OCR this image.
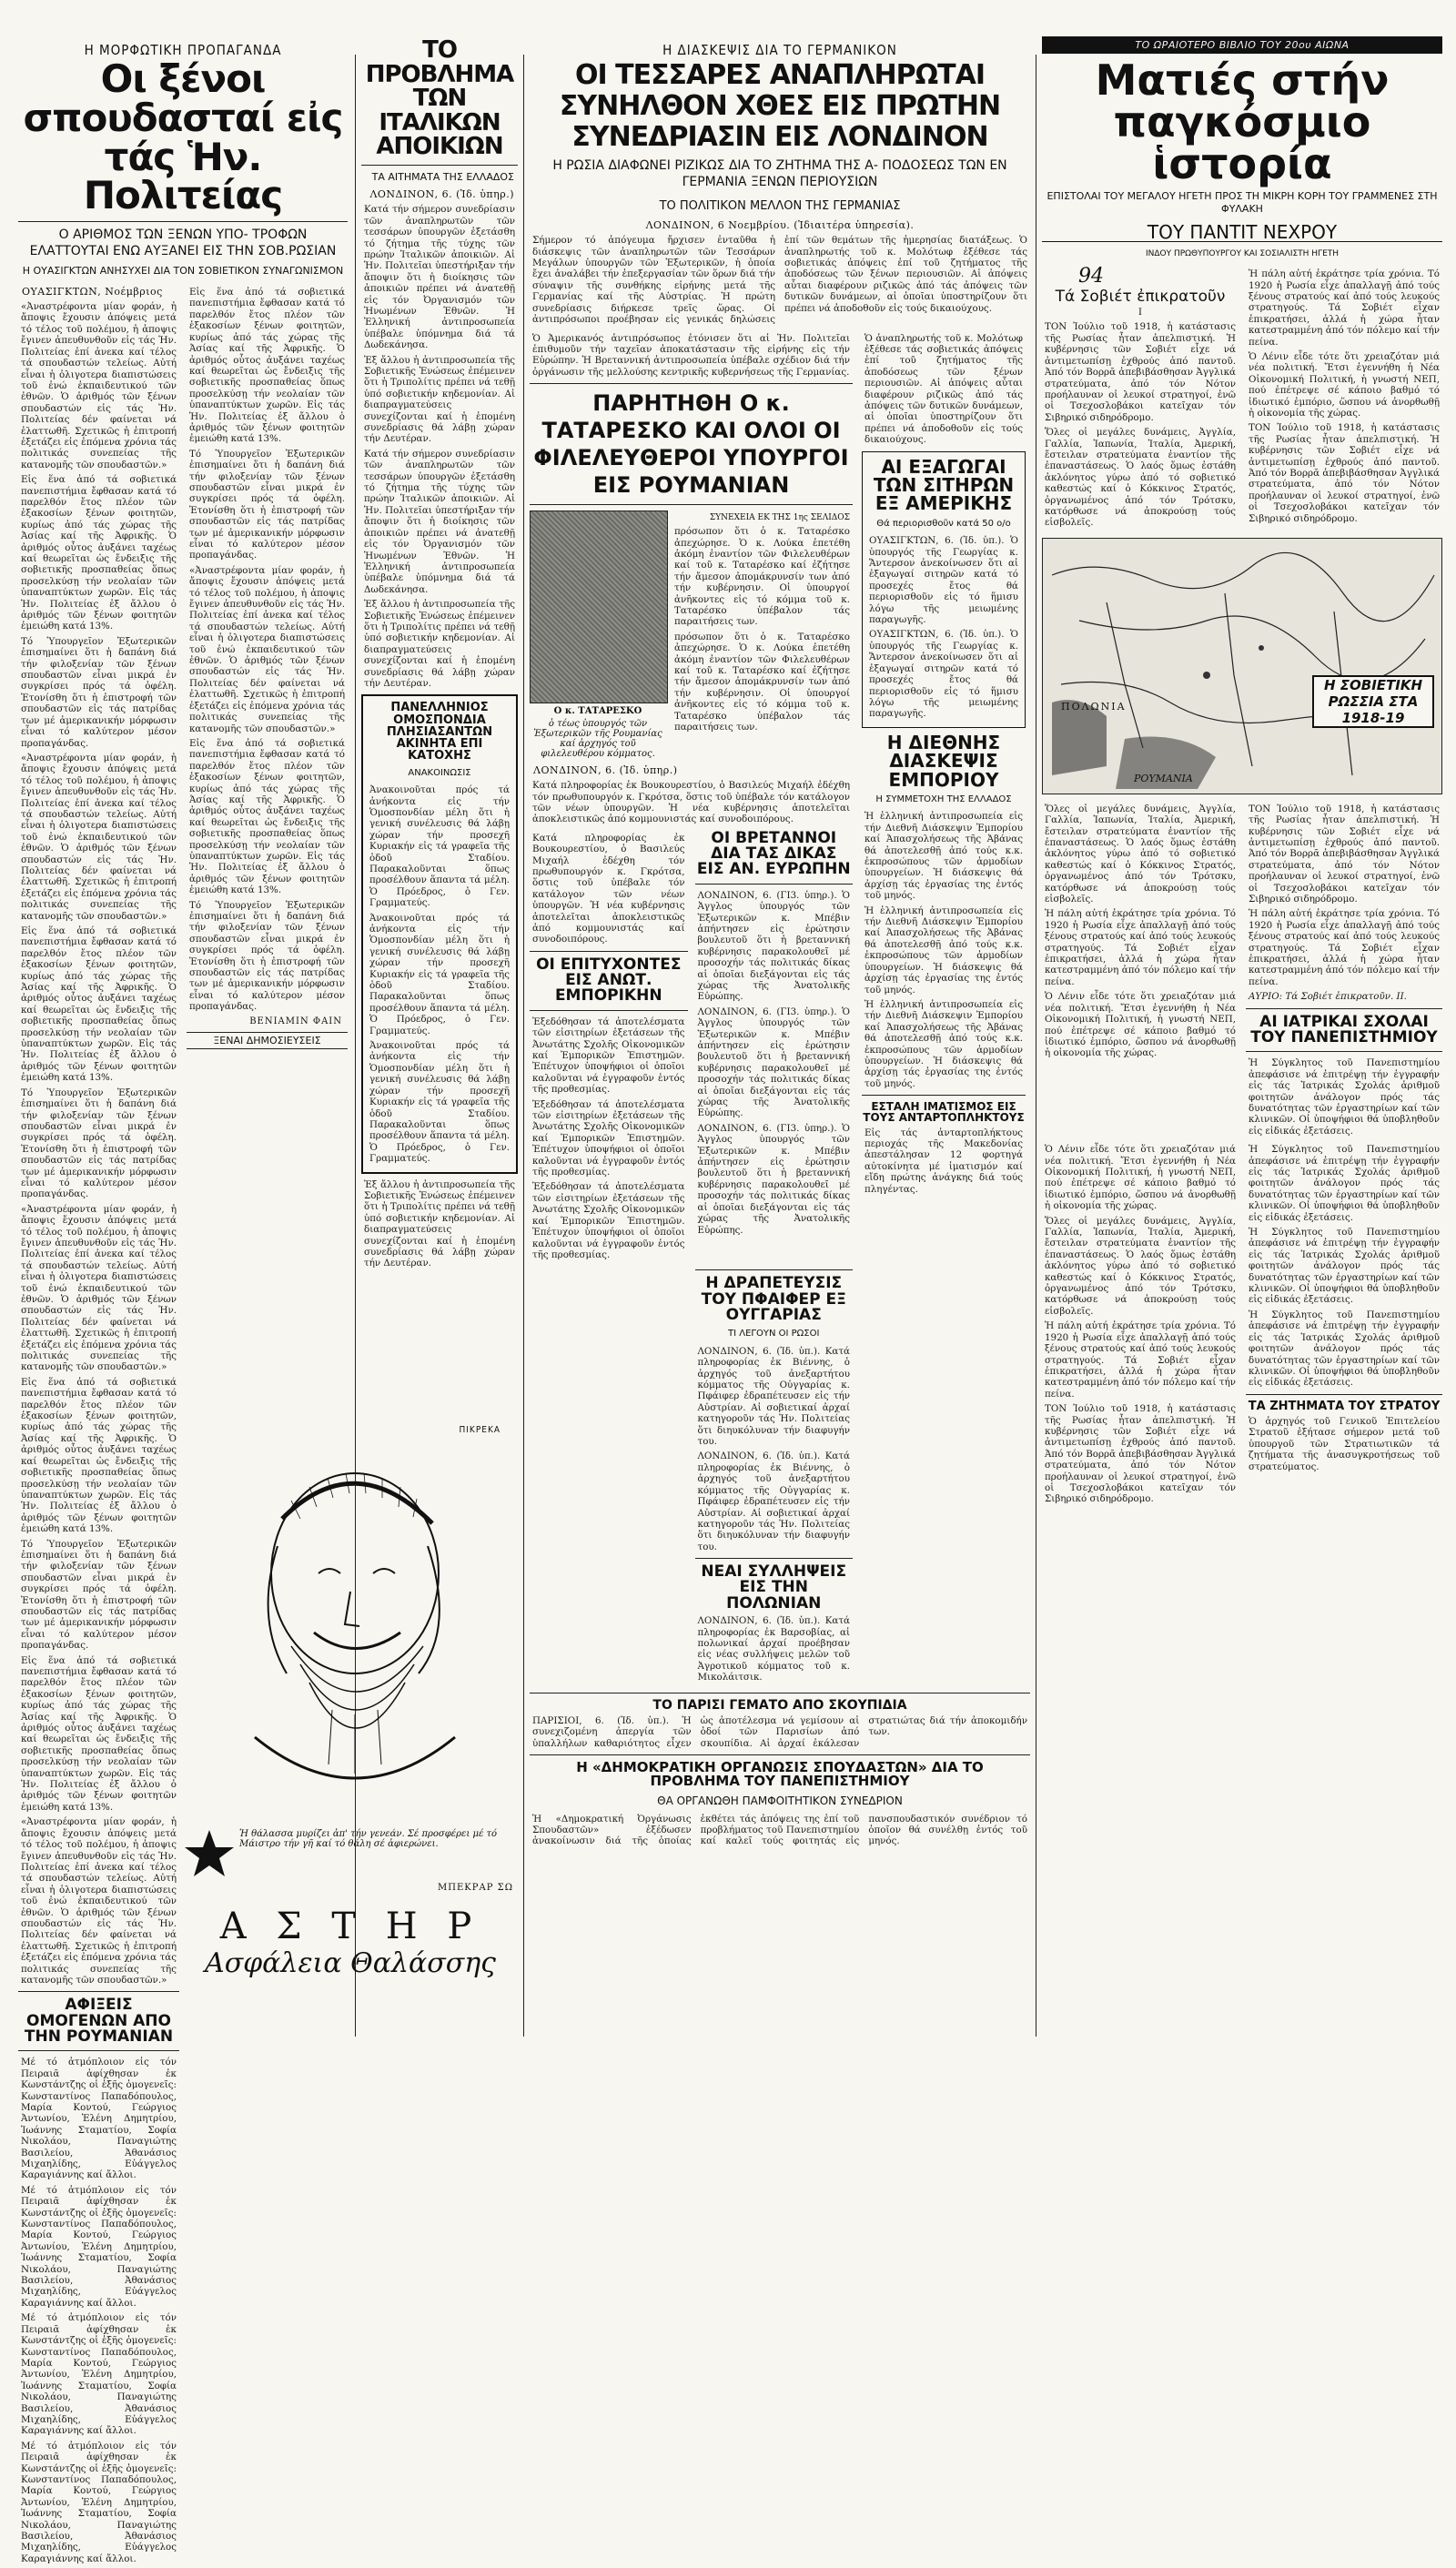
Η ΜΟΡΦΩΤΙΚΗ ΠΡΟΠΑΓΑΝΔΑ
Οι ξένοι σπουδασταί εἰς τάς Ἡν. Πολιτείας
Ο ΑΡΙΘΜΟΣ ΤΩΝ ΞΕΝΩΝ ΥΠΟ- ΤΡΟΦΩΝ ΕΛΑΤΤΟΥΤΑΙ ΕΝΩ ΑΥΞΑΝΕΙ ΕΙΣ ΤΗΝ ΣΟΒ.ΡΩΣΙΑΝ
Η ΟΥΑΣΙΓΚΤΩΝ ΑΝΗΣΥΧΕΙ ΔΙΑ ΤΟΝ ΣΟΒΙΕΤΙΚΟΝ ΣΥΝΑΓΩΝΙΣΜΟΝ
ΟΥΑΣΙΓΚΤΩΝ, Νοέμβριος
«Ἀναστρέφοντα μίαν φοράν, ἡ ἄποψις ἔχουσιν ἀπόψεις μετά τό τέλος τοῦ πολέμου, ἡ ἀποψις ἔγινεν ἀπευθυνθοῦν εἰς τάς Ἡν. Πολιτείας ἐπί ἀνεκα καί τέλος τά σπουδαστών τελείως. Αὐτή εἶναι ἡ ὀλιγοτερα διαπιστώσεις τοῦ ἐνώ ἐκπαιδευτικού τῶν ἐθνῶν. Ὁ ἀριθμός τῶν ξένων σπουδαστών εἰς τάς Ἡν. Πολιτείας δέν φαίνεται νά ἐλαττωθῆ. Σχετικῶς ἡ ἐπιτροπή ἐξετάζει εἰς ἐπόμενα χρόνια τάς πολιτικάς συνεπείας τῆς κατανομῆς τῶν σπουδαστῶν.»
Εἰς ἕνα ἀπό τά σοβιετικά πανεπιστήμια ἔφθασαν κατά τό παρελθόν ἔτος πλέον τῶν ἑξακοσίων ξένων φοιτητῶν, κυρίως ἀπό τάς χώρας τῆς Ἀσίας καί τῆς Ἀφρικῆς. Ὁ ἀριθμός οὗτος ἀυξάνει ταχέως καί θεωρεῖται ὡς ἔνδειξις τῆς σοβιετικῆς προσπαθείας ὅπως προσελκύσῃ τήν νεολαίαν τῶν ὑπαναπτύκτων χωρῶν. Εἰς τάς Ἡν. Πολιτείας ἐξ ἄλλου ὁ ἀριθμός τῶν ξένων φοιτητῶν ἐμειώθη κατά 13%.
Τό Ὑπουργεῖον Ἐξωτερικῶν ἐπισημαίνει ὅτι ἡ δαπάνη διά τήν φιλοξενίαν τῶν ξένων σπουδαστῶν εἶναι μικρά ἐν συγκρίσει πρός τά ὀφέλη. Ἐτονίσθη ὅτι ἡ ἐπιστροφή τῶν σπουδαστῶν εἰς τάς πατρίδας των μέ ἀμερικανικήν μόρφωσιν εἶναι τό καλύτερον μέσον προπαγάνδας.
«Ἀναστρέφοντα μίαν φοράν, ἡ ἄποψις ἔχουσιν ἀπόψεις μετά τό τέλος τοῦ πολέμου, ἡ ἀποψις ἔγινεν ἀπευθυνθοῦν εἰς τάς Ἡν. Πολιτείας ἐπί ἀνεκα καί τέλος τά σπουδαστών τελείως. Αὐτή εἶναι ἡ ὀλιγοτερα διαπιστώσεις τοῦ ἐνώ ἐκπαιδευτικού τῶν ἐθνῶν. Ὁ ἀριθμός τῶν ξένων σπουδαστών εἰς τάς Ἡν. Πολιτείας δέν φαίνεται νά ἐλαττωθῆ. Σχετικῶς ἡ ἐπιτροπή ἐξετάζει εἰς ἐπόμενα χρόνια τάς πολιτικάς συνεπείας τῆς κατανομῆς τῶν σπουδαστῶν.»
Εἰς ἕνα ἀπό τά σοβιετικά πανεπιστήμια ἔφθασαν κατά τό παρελθόν ἔτος πλέον τῶν ἑξακοσίων ξένων φοιτητῶν, κυρίως ἀπό τάς χώρας τῆς Ἀσίας καί τῆς Ἀφρικῆς. Ὁ ἀριθμός οὗτος ἀυξάνει ταχέως καί θεωρεῖται ὡς ἔνδειξις τῆς σοβιετικῆς προσπαθείας ὅπως προσελκύσῃ τήν νεολαίαν τῶν ὑπαναπτύκτων χωρῶν. Εἰς τάς Ἡν. Πολιτείας ἐξ ἄλλου ὁ ἀριθμός τῶν ξένων φοιτητῶν ἐμειώθη κατά 13%.
Τό Ὑπουργεῖον Ἐξωτερικῶν ἐπισημαίνει ὅτι ἡ δαπάνη διά τήν φιλοξενίαν τῶν ξένων σπουδαστῶν εἶναι μικρά ἐν συγκρίσει πρός τά ὀφέλη. Ἐτονίσθη ὅτι ἡ ἐπιστροφή τῶν σπουδαστῶν εἰς τάς πατρίδας των μέ ἀμερικανικήν μόρφωσιν εἶναι τό καλύτερον μέσον προπαγάνδας.
«Ἀναστρέφοντα μίαν φοράν, ἡ ἄποψις ἔχουσιν ἀπόψεις μετά τό τέλος τοῦ πολέμου, ἡ ἀποψις ἔγινεν ἀπευθυνθοῦν εἰς τάς Ἡν. Πολιτείας ἐπί ἀνεκα καί τέλος τά σπουδαστών τελείως. Αὐτή εἶναι ἡ ὀλιγοτερα διαπιστώσεις τοῦ ἐνώ ἐκπαιδευτικού τῶν ἐθνῶν. Ὁ ἀριθμός τῶν ξένων σπουδαστών εἰς τάς Ἡν. Πολιτείας δέν φαίνεται νά ἐλαττωθῆ. Σχετικῶς ἡ ἐπιτροπή ἐξετάζει εἰς ἐπόμενα χρόνια τάς πολιτικάς συνεπείας τῆς κατανομῆς τῶν σπουδαστῶν.»
Εἰς ἕνα ἀπό τά σοβιετικά πανεπιστήμια ἔφθασαν κατά τό παρελθόν ἔτος πλέον τῶν ἑξακοσίων ξένων φοιτητῶν, κυρίως ἀπό τάς χώρας τῆς Ἀσίας καί τῆς Ἀφρικῆς. Ὁ ἀριθμός οὗτος ἀυξάνει ταχέως καί θεωρεῖται ὡς ἔνδειξις τῆς σοβιετικῆς προσπαθείας ὅπως προσελκύσῃ τήν νεολαίαν τῶν ὑπαναπτύκτων χωρῶν. Εἰς τάς Ἡν. Πολιτείας ἐξ ἄλλου ὁ ἀριθμός τῶν ξένων φοιτητῶν ἐμειώθη κατά 13%.
Τό Ὑπουργεῖον Ἐξωτερικῶν ἐπισημαίνει ὅτι ἡ δαπάνη διά τήν φιλοξενίαν τῶν ξένων σπουδαστῶν εἶναι μικρά ἐν συγκρίσει πρός τά ὀφέλη. Ἐτονίσθη ὅτι ἡ ἐπιστροφή τῶν σπουδαστῶν εἰς τάς πατρίδας των μέ ἀμερικανικήν μόρφωσιν εἶναι τό καλύτερον μέσον προπαγάνδας.
Εἰς ἕνα ἀπό τά σοβιετικά πανεπιστήμια ἔφθασαν κατά τό παρελθόν ἔτος πλέον τῶν ἑξακοσίων ξένων φοιτητῶν, κυρίως ἀπό τάς χώρας τῆς Ἀσίας καί τῆς Ἀφρικῆς. Ὁ ἀριθμός οὗτος ἀυξάνει ταχέως καί θεωρεῖται ὡς ἔνδειξις τῆς σοβιετικῆς προσπαθείας ὅπως προσελκύσῃ τήν νεολαίαν τῶν ὑπαναπτύκτων χωρῶν. Εἰς τάς Ἡν. Πολιτείας ἐξ ἄλλου ὁ ἀριθμός τῶν ξένων φοιτητῶν ἐμειώθη κατά 13%.
«Ἀναστρέφοντα μίαν φοράν, ἡ ἄποψις ἔχουσιν ἀπόψεις μετά τό τέλος τοῦ πολέμου, ἡ ἀποψις ἔγινεν ἀπευθυνθοῦν εἰς τάς Ἡν. Πολιτείας ἐπί ἀνεκα καί τέλος τά σπουδαστών τελείως. Αὐτή εἶναι ἡ ὀλιγοτερα διαπιστώσεις τοῦ ἐνώ ἐκπαιδευτικού τῶν ἐθνῶν. Ὁ ἀριθμός τῶν ξένων σπουδαστών εἰς τάς Ἡν. Πολιτείας δέν φαίνεται νά ἐλαττωθῆ. Σχετικῶς ἡ ἐπιτροπή ἐξετάζει εἰς ἐπόμενα χρόνια τάς πολιτικάς συνεπείας τῆς κατανομῆς τῶν σπουδαστῶν.»
ΑΦΙΞΕΙΣ ΟΜΟΓΕΝΩΝ ΑΠΟ ΤΗΝ ΡΟΥΜΑΝΙΑΝ
Μέ τό ἀτμόπλοιον εἰς τόν Πειραιᾶ ἀφίχθησαν ἐκ Κωνστάντζης οἱ ἑξῆς ὁμογενεῖς: Κωνσταντίνος Παπαδόπουλος, Μαρία Κοντού, Γεώργιος Ἀντωνίου, Ἑλένη Δημητρίου, Ἰωάννης Σταματίου, Σοφία Νικολάου, Παναγιώτης Βασιλείου, Ἀθανάσιος Μιχαηλίδης, Εὐάγγελος Καραγιάννης καί ἄλλοι.
Μέ τό ἀτμόπλοιον εἰς τόν Πειραιᾶ ἀφίχθησαν ἐκ Κωνστάντζης οἱ ἑξῆς ὁμογενεῖς: Κωνσταντίνος Παπαδόπουλος, Μαρία Κοντού, Γεώργιος Ἀντωνίου, Ἑλένη Δημητρίου, Ἰωάννης Σταματίου, Σοφία Νικολάου, Παναγιώτης Βασιλείου, Ἀθανάσιος Μιχαηλίδης, Εὐάγγελος Καραγιάννης καί ἄλλοι.
Μέ τό ἀτμόπλοιον εἰς τόν Πειραιᾶ ἀφίχθησαν ἐκ Κωνστάντζης οἱ ἑξῆς ὁμογενεῖς: Κωνσταντίνος Παπαδόπουλος, Μαρία Κοντού, Γεώργιος Ἀντωνίου, Ἑλένη Δημητρίου, Ἰωάννης Σταματίου, Σοφία Νικολάου, Παναγιώτης Βασιλείου, Ἀθανάσιος Μιχαηλίδης, Εὐάγγελος Καραγιάννης καί ἄλλοι.
Μέ τό ἀτμόπλοιον εἰς τόν Πειραιᾶ ἀφίχθησαν ἐκ Κωνστάντζης οἱ ἑξῆς ὁμογενεῖς: Κωνσταντίνος Παπαδόπουλος, Μαρία Κοντού, Γεώργιος Ἀντωνίου, Ἑλένη Δημητρίου, Ἰωάννης Σταματίου, Σοφία Νικολάου, Παναγιώτης Βασιλείου, Ἀθανάσιος Μιχαηλίδης, Εὐάγγελος Καραγιάννης καί ἄλλοι.
Εἰς ἕνα ἀπό τά σοβιετικά πανεπιστήμια ἔφθασαν κατά τό παρελθόν ἔτος πλέον τῶν ἑξακοσίων ξένων φοιτητῶν, κυρίως ἀπό τάς χώρας τῆς Ἀσίας καί τῆς Ἀφρικῆς. Ὁ ἀριθμός οὗτος ἀυξάνει ταχέως καί θεωρεῖται ὡς ἔνδειξις τῆς σοβιετικῆς προσπαθείας ὅπως προσελκύσῃ τήν νεολαίαν τῶν ὑπαναπτύκτων χωρῶν. Εἰς τάς Ἡν. Πολιτείας ἐξ ἄλλου ὁ ἀριθμός τῶν ξένων φοιτητῶν ἐμειώθη κατά 13%.
Τό Ὑπουργεῖον Ἐξωτερικῶν ἐπισημαίνει ὅτι ἡ δαπάνη διά τήν φιλοξενίαν τῶν ξένων σπουδαστῶν εἶναι μικρά ἐν συγκρίσει πρός τά ὀφέλη. Ἐτονίσθη ὅτι ἡ ἐπιστροφή τῶν σπουδαστῶν εἰς τάς πατρίδας των μέ ἀμερικανικήν μόρφωσιν εἶναι τό καλύτερον μέσον προπαγάνδας.
«Ἀναστρέφοντα μίαν φοράν, ἡ ἄποψις ἔχουσιν ἀπόψεις μετά τό τέλος τοῦ πολέμου, ἡ ἀποψις ἔγινεν ἀπευθυνθοῦν εἰς τάς Ἡν. Πολιτείας ἐπί ἀνεκα καί τέλος τά σπουδαστών τελείως. Αὐτή εἶναι ἡ ὀλιγοτερα διαπιστώσεις τοῦ ἐνώ ἐκπαιδευτικού τῶν ἐθνῶν. Ὁ ἀριθμός τῶν ξένων σπουδαστών εἰς τάς Ἡν. Πολιτείας δέν φαίνεται νά ἐλαττωθῆ. Σχετικῶς ἡ ἐπιτροπή ἐξετάζει εἰς ἐπόμενα χρόνια τάς πολιτικάς συνεπείας τῆς κατανομῆς τῶν σπουδαστῶν.»
Εἰς ἕνα ἀπό τά σοβιετικά πανεπιστήμια ἔφθασαν κατά τό παρελθόν ἔτος πλέον τῶν ἑξακοσίων ξένων φοιτητῶν, κυρίως ἀπό τάς χώρας τῆς Ἀσίας καί τῆς Ἀφρικῆς. Ὁ ἀριθμός οὗτος ἀυξάνει ταχέως καί θεωρεῖται ὡς ἔνδειξις τῆς σοβιετικῆς προσπαθείας ὅπως προσελκύσῃ τήν νεολαίαν τῶν ὑπαναπτύκτων χωρῶν. Εἰς τάς Ἡν. Πολιτείας ἐξ ἄλλου ὁ ἀριθμός τῶν ξένων φοιτητῶν ἐμειώθη κατά 13%.
Τό Ὑπουργεῖον Ἐξωτερικῶν ἐπισημαίνει ὅτι ἡ δαπάνη διά τήν φιλοξενίαν τῶν ξένων σπουδαστῶν εἶναι μικρά ἐν συγκρίσει πρός τά ὀφέλη. Ἐτονίσθη ὅτι ἡ ἐπιστροφή τῶν σπουδαστῶν εἰς τάς πατρίδας των μέ ἀμερικανικήν μόρφωσιν εἶναι τό καλύτερον μέσον προπαγάνδας.
ΒΕΝΙΑΜΙΝ ΦΑΙΝ
ΞΕΝΑΙ ΔΗΜΟΣΙΕΥΣΕΙΣ
ΤΟ ΠΡΟΒΛΗΜΑ ΤΩΝ ΙΤΑΛΙΚΩΝ ΑΠΟΙΚΙΩΝ
ΤΑ ΑΙΤΗΜΑΤΑ ΤΗΣ ΕΛΛΑΔΟΣ
ΛΟΝΔΙΝΟΝ, 6. (Ἰδ. ὑπηρ.)
Κατά τήν σήμερον συνεδρίασιν τῶν ἀναπληρωτῶν τῶν τεσσάρων ὑπουργῶν ἐξετάσθη τό ζήτημα τῆς τύχης τῶν πρώην Ἰταλικῶν ἀποικιῶν. Αἱ Ἡν. Πολιτεῖαι ὑπεστήριξαν τήν ἄποψιν ὅτι ἡ διοίκησις τῶν ἀποικιῶν πρέπει νά ἀνατεθῇ εἰς τόν Ὀργανισμόν τῶν Ἡνωμένων Ἐθνῶν. Ἡ Ἑλληνική ἀντιπροσωπεία ὑπέβαλε ὑπόμνημα διά τά Δωδεκάνησα.
Ἐξ ἄλλου ἡ ἀντιπροσωπεία τῆς Σοβιετικῆς Ἑνώσεως ἐπέμεινεν ὅτι ἡ Τριπολίτις πρέπει νά τεθῇ ὑπό σοβιετικήν κηδεμονίαν. Αἱ διαπραγματεύσεις συνεχίζονται καί ἡ ἑπομένη συνεδρίασις θά λάβῃ χώραν τήν Δευτέραν.
Κατά τήν σήμερον συνεδρίασιν τῶν ἀναπληρωτῶν τῶν τεσσάρων ὑπουργῶν ἐξετάσθη τό ζήτημα τῆς τύχης τῶν πρώην Ἰταλικῶν ἀποικιῶν. Αἱ Ἡν. Πολιτεῖαι ὑπεστήριξαν τήν ἄποψιν ὅτι ἡ διοίκησις τῶν ἀποικιῶν πρέπει νά ἀνατεθῇ εἰς τόν Ὀργανισμόν τῶν Ἡνωμένων Ἐθνῶν. Ἡ Ἑλληνική ἀντιπροσωπεία ὑπέβαλε ὑπόμνημα διά τά Δωδεκάνησα.
Ἐξ ἄλλου ἡ ἀντιπροσωπεία τῆς Σοβιετικῆς Ἑνώσεως ἐπέμεινεν ὅτι ἡ Τριπολίτις πρέπει νά τεθῇ ὑπό σοβιετικήν κηδεμονίαν. Αἱ διαπραγματεύσεις συνεχίζονται καί ἡ ἑπομένη συνεδρίασις θά λάβῃ χώραν τήν Δευτέραν.
ΠΑΝΕΛΛΗΝΙΟΣ ΟΜΟΣΠΟΝΔΙΑ ΠΛΗΣΙΑΣΑΝΤΩΝ ΑΚΙΝΗΤΑ ΕΠΙ ΚΑΤΟΧΗΣ
ΑΝΑΚΟΙΝΩΣΙΣ
Ἀνακοινοῦται πρός τά ἀνήκοντα εἰς τήν Ὁμοσπονδίαν μέλη ὅτι ἡ γενική συνέλευσις θά λάβῃ χώραν τήν προσεχῆ Κυριακήν εἰς τά γραφεῖα τῆς ὁδοῦ Σταδίου. Παρακαλοῦνται ὅπως προσέλθουν ἅπαντα τά μέλη. Ὁ Πρόεδρος, ὁ Γεν. Γραμματεύς.
Ἀνακοινοῦται πρός τά ἀνήκοντα εἰς τήν Ὁμοσπονδίαν μέλη ὅτι ἡ γενική συνέλευσις θά λάβῃ χώραν τήν προσεχῆ Κυριακήν εἰς τά γραφεῖα τῆς ὁδοῦ Σταδίου. Παρακαλοῦνται ὅπως προσέλθουν ἅπαντα τά μέλη. Ὁ Πρόεδρος, ὁ Γεν. Γραμματεύς.
Ἀνακοινοῦται πρός τά ἀνήκοντα εἰς τήν Ὁμοσπονδίαν μέλη ὅτι ἡ γενική συνέλευσις θά λάβῃ χώραν τήν προσεχῆ Κυριακήν εἰς τά γραφεῖα τῆς ὁδοῦ Σταδίου. Παρακαλοῦνται ὅπως προσέλθουν ἅπαντα τά μέλη. Ὁ Πρόεδρος, ὁ Γεν. Γραμματεύς.
Ἐξ ἄλλου ἡ ἀντιπροσωπεία τῆς Σοβιετικῆς Ἑνώσεως ἐπέμεινεν ὅτι ἡ Τριπολίτις πρέπει νά τεθῇ ὑπό σοβιετικήν κηδεμονίαν. Αἱ διαπραγματεύσεις συνεχίζονται καί ἡ ἑπομένη συνεδρίασις θά λάβῃ χώραν τήν Δευτέραν.
ΠΙΚΡΕΚΑ
Ἡ θάλασσα μυρίζει ἀπ' τήν γενεάν. Σέ προσφέρει μέ τό Μάιστρο τήν γῆ καί τό θάλη σέ ἀφιερώνει.
ΜΠΕΚΡΑΡ ΣΩ
Α Σ Τ Η Ρ
Ασφάλεια Θαλάσσης
Η ΔΙΑΣΚΕΨΙΣ ΔΙΑ ΤΟ ΓΕΡΜΑΝΙΚΟΝ
ΟΙ ΤΕΣΣΑΡΕΣ ΑΝΑΠΛΗΡΩΤΑΙ ΣΥΝΗΛΘΟΝ ΧΘΕΣ ΕΙΣ ΠΡΩΤΗΝ ΣΥΝΕΔΡΙΑΣΙΝ ΕΙΣ ΛΟΝΔΙΝΟΝ
Η ΡΩΣΙΑ ΔΙΑΦΩΝΕΙ ΡΙΖΙΚΩΣ ΔΙΑ ΤΟ ΖΗΤΗΜΑ ΤΗΣ Α- ΠΟΔΟΣΕΩΣ ΤΩΝ ΕΝ ΓΕΡΜΑΝΙΑ ΞΕΝΩΝ ΠΕΡΙΟΥΣΙΩΝ
ΤΟ ΠΟΛΙΤΙΚΟΝ ΜΕΛΛΟΝ ΤΗΣ ΓΕΡΜΑΝΙΑΣ
ΛΟΝΔΙΝΟΝ, 6 Νοεμβρίου. (Ἰδιαιτέρα ὑπηρεσία).
Σήμερον τό ἀπόγευμα ἤρχισεν ἐνταῦθα ἡ διάσκεψις τῶν ἀναπληρωτῶν τῶν Τεσσάρων Μεγάλων ὑπουργῶν τῶν Ἐξωτερικῶν, ἡ ὁποία ἔχει ἀναλάβει τήν ἐπεξεργασίαν τῶν ὅρων διά τήν σύναψιν τῆς συνθήκης εἰρήνης μετά τῆς Γερμανίας καί τῆς Αὐστρίας. Ἡ πρώτη συνεδρίασις διήρκεσε τρεῖς ὥρας. Οἱ ἀντιπρόσωποι προέβησαν εἰς γενικάς δηλώσεις ἐπί τῶν θεμάτων τῆς ἡμερησίας διατάξεως. Ὁ ἀναπληρωτής τοῦ κ. Μολότωφ ἐξέθεσε τάς σοβιετικάς ἀπόψεις ἐπί τοῦ ζητήματος τῆς ἀποδόσεως τῶν ξένων περιουσιῶν. Αἱ ἀπόψεις αὗται διαφέρουν ριζικῶς ἀπό τάς ἀπόψεις τῶν δυτικῶν δυνάμεων, αἱ ὁποῖαι ὑποστηρίζουν ὅτι πρέπει νά ἀποδοθοῦν εἰς τούς δικαιούχους.
Ὁ Ἀμερικανός ἀντιπρόσωπος ἐτόνισεν ὅτι αἱ Ἡν. Πολιτεῖαι ἐπιθυμοῦν τήν ταχεῖαν ἀποκατάστασιν τῆς εἰρήνης εἰς τήν Εὐρώπην. Ἡ Βρεταννική ἀντιπροσωπεία ὑπέβαλε σχέδιον διά τήν ὀργάνωσιν τῆς μελλούσης κεντρικῆς κυβερνήσεως τῆς Γερμανίας.
ΠΑΡΗΤΗΘΗ Ο κ. ΤΑΤΑΡΕΣΚΟ ΚΑΙ ΟΛΟΙ ΟΙ ΦΙΛΕΛΕΥΘΕΡΟΙ ΥΠΟΥΡΓΟΙ ΕΙΣ ΡΟΥΜΑΝΙΑΝ
Ο κ. ΤΑΤΑΡΕΣΚΟ
ὁ τέως ὑπουργός τῶν Ἐξωτερικῶν τῆς Ρουμανίας καί ἀρχηγός τοῦ φιλελευθέρου κόμματος.
ΣΥΝΕΧΕΙΑ ΕΚ ΤΗΣ 1ης ΣΕΛΙΔΟΣ
πρόσωπον ὅτι ὁ κ. Ταταρέσκο ἀπεχώρησε. Ὁ κ. Λούκα ἐπετέθη ἀκόμη ἐναντίον τῶν Φιλελευθέρων καί τοῦ κ. Ταταρέσκο καί ἐζήτησε τήν ἄμεσον ἀπομάκρυνσίν των ἀπό τήν κυβέρνησιν. Οἱ ὑπουργοί ἀνῆκοντες εἰς τό κόμμα τοῦ κ. Ταταρέσκο ὑπέβαλον τάς παραιτήσεις των.
πρόσωπον ὅτι ὁ κ. Ταταρέσκο ἀπεχώρησε. Ὁ κ. Λούκα ἐπετέθη ἀκόμη ἐναντίον τῶν Φιλελευθέρων καί τοῦ κ. Ταταρέσκο καί ἐζήτησε τήν ἄμεσον ἀπομάκρυνσίν των ἀπό τήν κυβέρνησιν. Οἱ ὑπουργοί ἀνῆκοντες εἰς τό κόμμα τοῦ κ. Ταταρέσκο ὑπέβαλον τάς παραιτήσεις των.
ΛΟΝΔΙΝΟΝ, 6. (Ἰδ. ὑπηρ.)
Κατά πληροφορίας ἐκ Βουκουρεστίου, ὁ Βασιλεύς Μιχαήλ ἐδέχθη τόν πρωθυπουργόν κ. Γκρότσα, ὅστις τοῦ ὑπέβαλε τόν κατάλογον τῶν νέων ὑπουργῶν. Ἡ νέα κυβέρνησις ἀποτελεῖται ἀποκλειστικῶς ἀπό κομμουνιστάς καί συνοδοιπόρους.
Κατά πληροφορίας ἐκ Βουκουρεστίου, ὁ Βασιλεύς Μιχαήλ ἐδέχθη τόν πρωθυπουργόν κ. Γκρότσα, ὅστις τοῦ ὑπέβαλε τόν κατάλογον τῶν νέων ὑπουργῶν. Ἡ νέα κυβέρνησις ἀποτελεῖται ἀποκλειστικῶς ἀπό κομμουνιστάς καί συνοδοιπόρους.
ΟΙ ΕΠΙΤΥΧΟΝΤΕΣ ΕΙΣ ΑΝΩΤ. ΕΜΠΟΡΙΚΗΝ
Ἐξεδόθησαν τά ἀποτελέσματα τῶν εἰσιτηρίων ἐξετάσεων τῆς Ἀνωτάτης Σχολῆς Οἰκονομικῶν καί Ἐμπορικῶν Ἐπιστημῶν. Ἐπέτυχον ὑποψήφιοι οἱ ὁποῖοι καλοῦνται νά ἐγγραφοῦν ἐντός τῆς προθεσμίας.
Ἐξεδόθησαν τά ἀποτελέσματα τῶν εἰσιτηρίων ἐξετάσεων τῆς Ἀνωτάτης Σχολῆς Οἰκονομικῶν καί Ἐμπορικῶν Ἐπιστημῶν. Ἐπέτυχον ὑποψήφιοι οἱ ὁποῖοι καλοῦνται νά ἐγγραφοῦν ἐντός τῆς προθεσμίας.
Ἐξεδόθησαν τά ἀποτελέσματα τῶν εἰσιτηρίων ἐξετάσεων τῆς Ἀνωτάτης Σχολῆς Οἰκονομικῶν καί Ἐμπορικῶν Ἐπιστημῶν. Ἐπέτυχον ὑποψήφιοι οἱ ὁποῖοι καλοῦνται νά ἐγγραφοῦν ἐντός τῆς προθεσμίας.
ΟΙ ΒΡΕΤΑΝΝΟΙ ΔΙΑ ΤΑΣ ΔΙΚΑΣ ΕΙΣ ΑΝ. ΕΥΡΩΠΗΝ
ΛΟΝΔΙΝΟΝ, 6. (ΓΙ3. ὑπηρ.). Ὁ Ἀγγλος ὑπουργός τῶν Ἐξωτερικῶν κ. Μπέβιν ἀπήντησεν εἰς ἐρώτησιν βουλευτοῦ ὅτι ἡ βρεταννική κυβέρνησις παρακολουθεῖ μέ προσοχήν τάς πολιτικάς δίκας αἱ ὁποῖαι διεξάγονται εἰς τάς χώρας τῆς Ἀνατολικῆς Εὐρώπης.
ΛΟΝΔΙΝΟΝ, 6. (ΓΙ3. ὑπηρ.). Ὁ Ἀγγλος ὑπουργός τῶν Ἐξωτερικῶν κ. Μπέβιν ἀπήντησεν εἰς ἐρώτησιν βουλευτοῦ ὅτι ἡ βρεταννική κυβέρνησις παρακολουθεῖ μέ προσοχήν τάς πολιτικάς δίκας αἱ ὁποῖαι διεξάγονται εἰς τάς χώρας τῆς Ἀνατολικῆς Εὐρώπης.
ΛΟΝΔΙΝΟΝ, 6. (ΓΙ3. ὑπηρ.). Ὁ Ἀγγλος ὑπουργός τῶν Ἐξωτερικῶν κ. Μπέβιν ἀπήντησεν εἰς ἐρώτησιν βουλευτοῦ ὅτι ἡ βρεταννική κυβέρνησις παρακολουθεῖ μέ προσοχήν τάς πολιτικάς δίκας αἱ ὁποῖαι διεξάγονται εἰς τάς χώρας τῆς Ἀνατολικῆς Εὐρώπης.
Η ΔΡΑΠΕΤΕΥΣΙΣ ΤΟΥ ΠΦΑΙΦΕΡ ΕΞ ΟΥΓΓΑΡΙΑΣ
ΤΙ ΛΕΓΟΥΝ ΟΙ ΡΩΣΟΙ
ΛΟΝΔΙΝΟΝ, 6. (Ἰδ. ὑπ.). Κατά πληροφορίας ἐκ Βιέννης, ὁ ἀρχηγός τοῦ ἀνεξαρτήτου κόμματος τῆς Οὐγγαρίας κ. Πφάιφερ ἐδραπέτευσεν εἰς τήν Αὐστρίαν. Αἱ σοβιετικαί ἀρχαί κατηγοροῦν τάς Ἡν. Πολιτείας ὅτι διηυκόλυναν τήν διαφυγήν του.
ΛΟΝΔΙΝΟΝ, 6. (Ἰδ. ὑπ.). Κατά πληροφορίας ἐκ Βιέννης, ὁ ἀρχηγός τοῦ ἀνεξαρτήτου κόμματος τῆς Οὐγγαρίας κ. Πφάιφερ ἐδραπέτευσεν εἰς τήν Αὐστρίαν. Αἱ σοβιετικαί ἀρχαί κατηγοροῦν τάς Ἡν. Πολιτείας ὅτι διηυκόλυναν τήν διαφυγήν του.
ΝΕΑΙ ΣΥΛΛΗΨΕΙΣ ΕΙΣ ΤΗΝ ΠΟΛΩΝΙΑΝ
ΛΟΝΔΙΝΟΝ, 6. (Ἰδ. ὑπ.). Κατά πληροφορίας ἐκ Βαρσοβίας, αἱ πολωνικαί ἀρχαί προέβησαν εἰς νέας συλλήψεις μελῶν τοῦ Ἀγροτικοῦ κόμματος τοῦ κ. Μικολάιτσικ.
Ὁ ἀναπληρωτής τοῦ κ. Μολότωφ ἐξέθεσε τάς σοβιετικάς ἀπόψεις ἐπί τοῦ ζητήματος τῆς ἀποδόσεως τῶν ξένων περιουσιῶν. Αἱ ἀπόψεις αὗται διαφέρουν ριζικῶς ἀπό τάς ἀπόψεις τῶν δυτικῶν δυνάμεων, αἱ ὁποῖαι ὑποστηρίζουν ὅτι πρέπει νά ἀποδοθοῦν εἰς τούς δικαιούχους.
ΑΙ ΕΞΑΓΩΓΑΙ ΤΩΝ ΣΙΤΗΡΩΝ ΕΞ ΑΜΕΡΙΚΗΣ
Θά περιορισθοῦν κατά 50 ο/ο
ΟΥΑΣΙΓΚΤΩΝ, 6. (Ἰδ. ὑπ.). Ὁ ὑπουργός τῆς Γεωργίας κ. Ἄντερσον ἀνεκοίνωσεν ὅτι αἱ ἐξαγωγαί σιτηρῶν κατά τό προσεχές ἔτος θά περιορισθοῦν εἰς τό ἥμισυ λόγω τῆς μειωμένης παραγωγῆς.
ΟΥΑΣΙΓΚΤΩΝ, 6. (Ἰδ. ὑπ.). Ὁ ὑπουργός τῆς Γεωργίας κ. Ἄντερσον ἀνεκοίνωσεν ὅτι αἱ ἐξαγωγαί σιτηρῶν κατά τό προσεχές ἔτος θά περιορισθοῦν εἰς τό ἥμισυ λόγω τῆς μειωμένης παραγωγῆς.
Η ΔΙΕΘΝΗΣ ΔΙΑΣΚΕΨΙΣ ΕΜΠΟΡΙΟΥ
Η ΣΥΜΜΕΤΟΧΗ ΤΗΣ ΕΛΛΑΔΟΣ
Ἡ ἑλληνική ἀντιπροσωπεία εἰς τήν Διεθνῆ Διάσκεψιν Ἐμπορίου καί Ἀπασχολήσεως τῆς Ἀβάνας θά ἀποτελεσθῇ ἀπό τούς κ.κ. ἐκπροσώπους τῶν ἁρμοδίων ὑπουργείων. Ἡ διάσκεψις θά ἀρχίσῃ τάς ἐργασίας της ἐντός τοῦ μηνός.
Ἡ ἑλληνική ἀντιπροσωπεία εἰς τήν Διεθνῆ Διάσκεψιν Ἐμπορίου καί Ἀπασχολήσεως τῆς Ἀβάνας θά ἀποτελεσθῇ ἀπό τούς κ.κ. ἐκπροσώπους τῶν ἁρμοδίων ὑπουργείων. Ἡ διάσκεψις θά ἀρχίσῃ τάς ἐργασίας της ἐντός τοῦ μηνός.
Ἡ ἑλληνική ἀντιπροσωπεία εἰς τήν Διεθνῆ Διάσκεψιν Ἐμπορίου καί Ἀπασχολήσεως τῆς Ἀβάνας θά ἀποτελεσθῇ ἀπό τούς κ.κ. ἐκπροσώπους τῶν ἁρμοδίων ὑπουργείων. Ἡ διάσκεψις θά ἀρχίσῃ τάς ἐργασίας της ἐντός τοῦ μηνός.
ΕΣΤΑΛΗ ΙΜΑΤΙΣΜΟΣ ΕΙΣ ΤΟΥΣ ΑΝΤΑΡΤΟΠΛΗΚΤΟΥΣ
Εἰς τάς ἀνταρτοπλήκτους περιοχάς τῆς Μακεδονίας ἀπεστάλησαν 12 φορτηγά αὐτοκίνητα μέ ἱματισμόν καί εἴδη πρώτης ἀνάγκης διά τούς πληγέντας.
ΤΟ ΠΑΡΙΣΙ ΓΕΜΑΤΟ ΑΠΟ ΣΚΟΥΠΙΔΙΑ
ΠΑΡΙΣΙΟΙ, 6. (Ἰδ. ὑπ.). Ἡ συνεχιζομένη ἀπεργία τῶν ὑπαλλήλων καθαριότητος εἶχεν ὡς ἀποτέλεσμα νά γεμίσουν αἱ ὁδοί τῶν Παρισίων ἀπό σκουπίδια. Αἱ ἀρχαί ἐκάλεσαν στρατιώτας διά τήν ἀποκομιδήν των.
Η «ΔΗΜΟΚΡΑΤΙΚΗ ΟΡΓΑΝΩΣΙΣ ΣΠΟΥΔΑΣΤΩΝ» ΔΙΑ ΤΟ ΠΡΟΒΛΗΜΑ ΤΟΥ ΠΑΝΕΠΙΣΤΗΜΙΟΥ
ΘΑ ΟΡΓΑΝΩΘΗ ΠΑΜΦΟΙΤΗΤΙΚΟΝ ΣΥΝΕΔΡΙΟΝ
Ἡ «Δημοκρατική Ὀργάνωσις Σπουδαστῶν» ἐξέδωσεν ἀνακοίνωσιν διά τῆς ὁποίας ἐκθέτει τάς ἀπόψεις της ἐπί τοῦ προβλήματος τοῦ Πανεπιστημίου καί καλεῖ τούς φοιτητάς εἰς πανσπουδαστικόν συνέδριον τό ὁποῖον θά συνέλθῃ ἐντός τοῦ μηνός.
ΤΟ ΩΡΑΙΟΤΕΡΟ ΒΙΒΛΙΟ ΤΟΥ 20ου ΑΙΩΝΑ
Ματιές στήν παγκόσμιο ἱστορία
ΕΠΙΣΤΟΛΑΙ ΤΟΥ ΜΕΓΑΛΟΥ ΗΓΕΤΗ ΠΡΟΣ ΤΗ ΜΙΚΡΗ ΚΟΡΗ ΤΟΥ ΓΡΑΜΜΕΝΕΣ ΣΤΗ ΦΥΛΑΚΗ
ΤΟΥ ΠΑΝΤΙΤ ΝΕΧΡΟΥ
ΙΝΔΟΥ ΠΡΩΘΥΠΟΥΡΓΟΥ ΚΑΙ ΣΟΣΙΑΛΙΣΤΗ ΗΓΕΤΗ
94
Τά Σοβιέτ ἐπικρατοῦν
I
ΤΟΝ Ἰούλιο τοῦ 1918, ἡ κατάστασις τῆς Ρωσίας ἦταν ἀπελπιστική. Ἡ κυβέρνησις τῶν Σοβιέτ εἶχε νά ἀντιμετωπίσῃ ἐχθρούς ἀπό παντοῦ. Ἀπό τόν Βορρᾶ ἀπεβιβάσθησαν Ἀγγλικά στρατεύματα, ἀπό τόν Νότον προήλαυναν οἱ λευκοί στρατηγοί, ἐνῶ οἱ Τσεχοσλοβάκοι κατεῖχαν τόν Σιβηρικό σιδηρόδρομο.
Ὅλες οἱ μεγάλες δυνάμεις, Ἀγγλία, Γαλλία, Ἰαπωνία, Ἰταλία, Ἀμερική, ἔστειλαν στρατεύματα ἐναντίον τῆς ἐπαναστάσεως. Ὁ λαός ὅμως ἐστάθη ἀκλόνητος γύρω ἀπό τό σοβιετικό καθεστώς καί ὁ Κόκκινος Στρατός, ὀργανωμένος ἀπό τόν Τρότσκυ, κατόρθωσε νά ἀποκρούσῃ τούς εἰσβολεῖς.
Ἡ πάλη αὐτή ἐκράτησε τρία χρόνια. Τό 1920 ἡ Ρωσία εἶχε ἀπαλλαγῇ ἀπό τούς ξένους στρατούς καί ἀπό τούς λευκούς στρατηγούς. Τά Σοβιέτ εἶχαν ἐπικρατήσει, ἀλλά ἡ χώρα ἦταν κατεστραμμένη ἀπό τόν πόλεμο καί τήν πείνα.
Ὁ Λένιν εἶδε τότε ὅτι χρειαζόταν μιά νέα πολιτική. Ἔτσι ἐγεννήθη ἡ Νέα Οἰκονομική Πολιτική, ἡ γνωστή ΝΕΠ, πού ἐπέτρεψε σέ κάποιο βαθμό τό ἰδιωτικό ἐμπόριο, ὥσπου νά ἀνορθωθῇ ἡ οἰκονομία τῆς χώρας.
ΤΟΝ Ἰούλιο τοῦ 1918, ἡ κατάστασις τῆς Ρωσίας ἦταν ἀπελπιστική. Ἡ κυβέρνησις τῶν Σοβιέτ εἶχε νά ἀντιμετωπίσῃ ἐχθρούς ἀπό παντοῦ. Ἀπό τόν Βορρᾶ ἀπεβιβάσθησαν Ἀγγλικά στρατεύματα, ἀπό τόν Νότον προήλαυναν οἱ λευκοί στρατηγοί, ἐνῶ οἱ Τσεχοσλοβάκοι κατεῖχαν τόν Σιβηρικό σιδηρόδρομο.
Η ΣΟΒΙΕΤΙΚΗ ΡΩΣΣΙΑ ΣΤΑ 1918-19
ΠΟΛΩΝΙΑ
ΡΟΥΜΑΝΙΑ
Ὅλες οἱ μεγάλες δυνάμεις, Ἀγγλία, Γαλλία, Ἰαπωνία, Ἰταλία, Ἀμερική, ἔστειλαν στρατεύματα ἐναντίον τῆς ἐπαναστάσεως. Ὁ λαός ὅμως ἐστάθη ἀκλόνητος γύρω ἀπό τό σοβιετικό καθεστώς καί ὁ Κόκκινος Στρατός, ὀργανωμένος ἀπό τόν Τρότσκυ, κατόρθωσε νά ἀποκρούσῃ τούς εἰσβολεῖς.
Ἡ πάλη αὐτή ἐκράτησε τρία χρόνια. Τό 1920 ἡ Ρωσία εἶχε ἀπαλλαγῇ ἀπό τούς ξένους στρατούς καί ἀπό τούς λευκούς στρατηγούς. Τά Σοβιέτ εἶχαν ἐπικρατήσει, ἀλλά ἡ χώρα ἦταν κατεστραμμένη ἀπό τόν πόλεμο καί τήν πείνα.
Ὁ Λένιν εἶδε τότε ὅτι χρειαζόταν μιά νέα πολιτική. Ἔτσι ἐγεννήθη ἡ Νέα Οἰκονομική Πολιτική, ἡ γνωστή ΝΕΠ, πού ἐπέτρεψε σέ κάποιο βαθμό τό ἰδιωτικό ἐμπόριο, ὥσπου νά ἀνορθωθῇ ἡ οἰκονομία τῆς χώρας.
ΤΟΝ Ἰούλιο τοῦ 1918, ἡ κατάστασις τῆς Ρωσίας ἦταν ἀπελπιστική. Ἡ κυβέρνησις τῶν Σοβιέτ εἶχε νά ἀντιμετωπίσῃ ἐχθρούς ἀπό παντοῦ. Ἀπό τόν Βορρᾶ ἀπεβιβάσθησαν Ἀγγλικά στρατεύματα, ἀπό τόν Νότον προήλαυναν οἱ λευκοί στρατηγοί, ἐνῶ οἱ Τσεχοσλοβάκοι κατεῖχαν τόν Σιβηρικό σιδηρόδρομο.
Ἡ πάλη αὐτή ἐκράτησε τρία χρόνια. Τό 1920 ἡ Ρωσία εἶχε ἀπαλλαγῇ ἀπό τούς ξένους στρατούς καί ἀπό τούς λευκούς στρατηγούς. Τά Σοβιέτ εἶχαν ἐπικρατήσει, ἀλλά ἡ χώρα ἦταν κατεστραμμένη ἀπό τόν πόλεμο καί τήν πείνα.
ΑΥΡΙΟ: Τά Σοβιέτ ἐπικρατοῦν. II.
ΑΙ ΙΑΤΡΙΚΑΙ ΣΧΟΛΑΙ ΤΟΥ ΠΑΝΕΠΙΣΤΗΜΙΟΥ
Ἡ Σύγκλητος τοῦ Πανεπιστημίου ἀπεφάσισε νά ἐπιτρέψῃ τήν ἐγγραφήν εἰς τάς Ἰατρικάς Σχολάς ἀριθμοῦ φοιτητῶν ἀνάλογον πρός τάς δυνατότητας τῶν ἐργαστηρίων καί τῶν κλινικῶν. Οἱ ὑποψήφιοι θά ὑποβληθοῦν εἰς εἰδικάς ἐξετάσεις.
Ὁ Λένιν εἶδε τότε ὅτι χρειαζόταν μιά νέα πολιτική. Ἔτσι ἐγεννήθη ἡ Νέα Οἰκονομική Πολιτική, ἡ γνωστή ΝΕΠ, πού ἐπέτρεψε σέ κάποιο βαθμό τό ἰδιωτικό ἐμπόριο, ὥσπου νά ἀνορθωθῇ ἡ οἰκονομία τῆς χώρας.
Ὅλες οἱ μεγάλες δυνάμεις, Ἀγγλία, Γαλλία, Ἰαπωνία, Ἰταλία, Ἀμερική, ἔστειλαν στρατεύματα ἐναντίον τῆς ἐπαναστάσεως. Ὁ λαός ὅμως ἐστάθη ἀκλόνητος γύρω ἀπό τό σοβιετικό καθεστώς καί ὁ Κόκκινος Στρατός, ὀργανωμένος ἀπό τόν Τρότσκυ, κατόρθωσε νά ἀποκρούσῃ τούς εἰσβολεῖς.
Ἡ πάλη αὐτή ἐκράτησε τρία χρόνια. Τό 1920 ἡ Ρωσία εἶχε ἀπαλλαγῇ ἀπό τούς ξένους στρατούς καί ἀπό τούς λευκούς στρατηγούς. Τά Σοβιέτ εἶχαν ἐπικρατήσει, ἀλλά ἡ χώρα ἦταν κατεστραμμένη ἀπό τόν πόλεμο καί τήν πείνα.
ΤΟΝ Ἰούλιο τοῦ 1918, ἡ κατάστασις τῆς Ρωσίας ἦταν ἀπελπιστική. Ἡ κυβέρνησις τῶν Σοβιέτ εἶχε νά ἀντιμετωπίσῃ ἐχθρούς ἀπό παντοῦ. Ἀπό τόν Βορρᾶ ἀπεβιβάσθησαν Ἀγγλικά στρατεύματα, ἀπό τόν Νότον προήλαυναν οἱ λευκοί στρατηγοί, ἐνῶ οἱ Τσεχοσλοβάκοι κατεῖχαν τόν Σιβηρικό σιδηρόδρομο.
Ἡ Σύγκλητος τοῦ Πανεπιστημίου ἀπεφάσισε νά ἐπιτρέψῃ τήν ἐγγραφήν εἰς τάς Ἰατρικάς Σχολάς ἀριθμοῦ φοιτητῶν ἀνάλογον πρός τάς δυνατότητας τῶν ἐργαστηρίων καί τῶν κλινικῶν. Οἱ ὑποψήφιοι θά ὑποβληθοῦν εἰς εἰδικάς ἐξετάσεις.
Ἡ Σύγκλητος τοῦ Πανεπιστημίου ἀπεφάσισε νά ἐπιτρέψῃ τήν ἐγγραφήν εἰς τάς Ἰατρικάς Σχολάς ἀριθμοῦ φοιτητῶν ἀνάλογον πρός τάς δυνατότητας τῶν ἐργαστηρίων καί τῶν κλινικῶν. Οἱ ὑποψήφιοι θά ὑποβληθοῦν εἰς εἰδικάς ἐξετάσεις.
Ἡ Σύγκλητος τοῦ Πανεπιστημίου ἀπεφάσισε νά ἐπιτρέψῃ τήν ἐγγραφήν εἰς τάς Ἰατρικάς Σχολάς ἀριθμοῦ φοιτητῶν ἀνάλογον πρός τάς δυνατότητας τῶν ἐργαστηρίων καί τῶν κλινικῶν. Οἱ ὑποψήφιοι θά ὑποβληθοῦν εἰς εἰδικάς ἐξετάσεις.
ΤΑ ΖΗΤΗΜΑΤΑ ΤΟΥ ΣΤΡΑΤΟΥ
Ὁ ἀρχηγός τοῦ Γενικοῦ Ἐπιτελείου Στρατοῦ ἐξήτασε σήμερον μετά τοῦ ὑπουργοῦ τῶν Στρατιωτικῶν τά ζητήματα τῆς ἀνασυγκροτήσεως τοῦ στρατεύματος.
